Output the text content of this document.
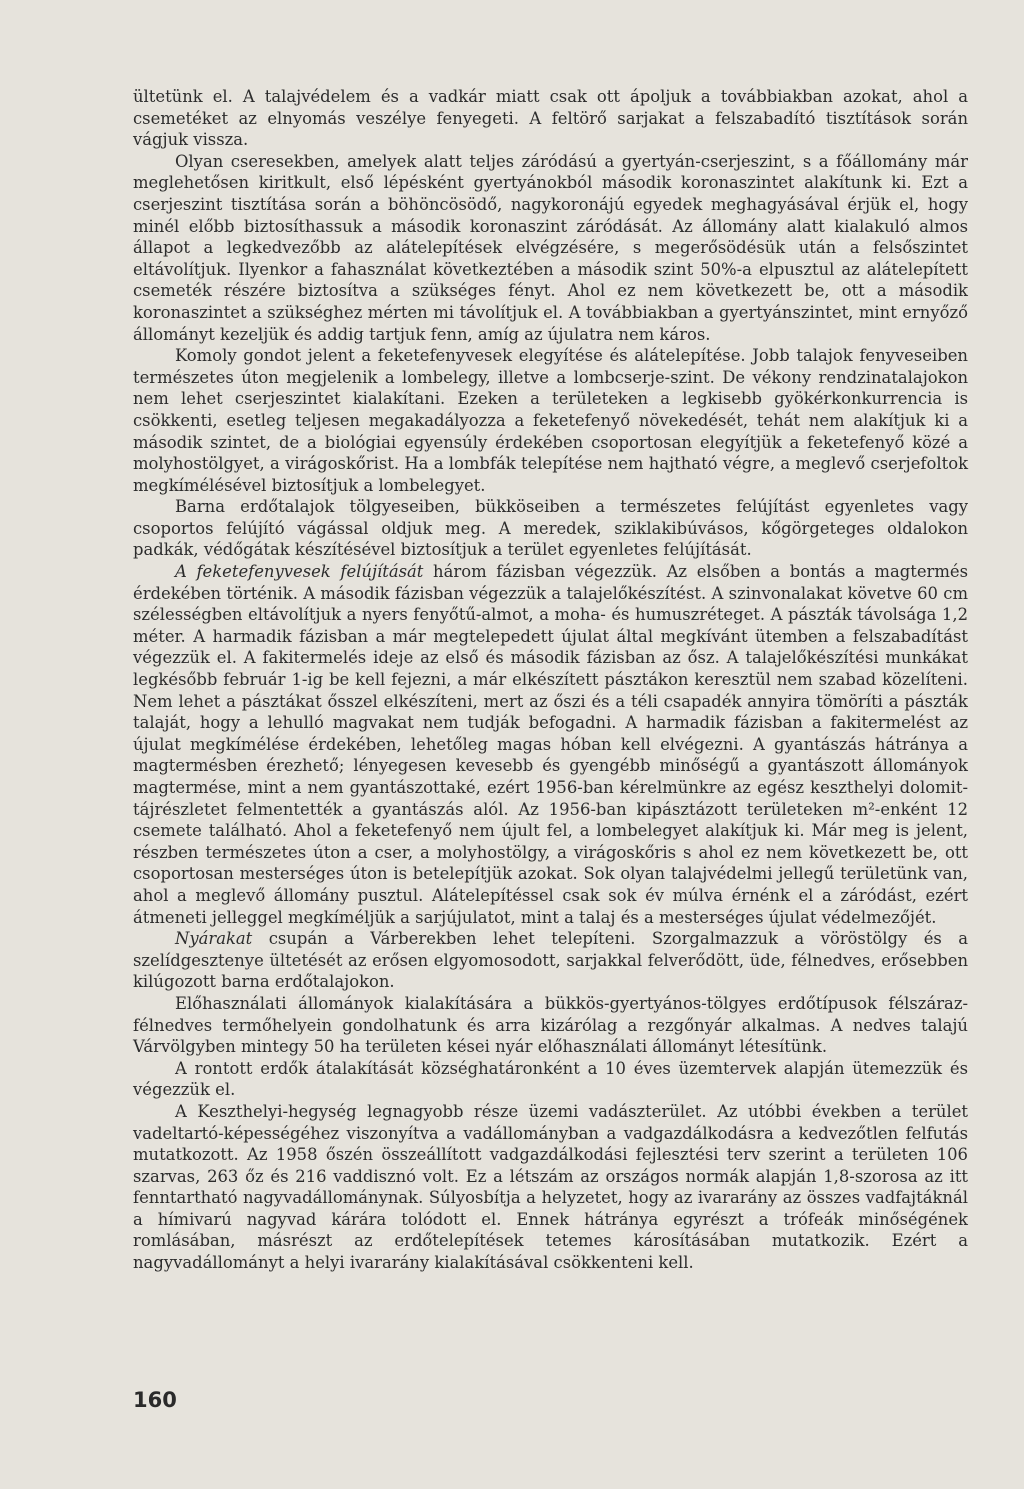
ültetünk el. A talajvédelem és a vadkár miatt csak ott ápoljuk a továbbiakban azokat, ahol a csemetéket az elnyomás veszélye fenyegeti. A feltörő sarjakat a felszabadító tisztítások során vágjuk vissza.

Olyan cseresekben, amelyek alatt teljes záródású a gyertyán-cserjeszint, s a főállomány már meglehetősen kiritkult, első lépésként gyertyánokból második koronaszintet alakítunk ki. Ezt a cserjeszint tisztítása során a böhöncösödő, nagykoronájú egyedek meghagyásával érjük el, hogy minél előbb biztosíthassuk a második koronaszint záródását. Az állomány alatt kialakuló almos állapot a legkedvezőbb az alátelepítések elvégzésére, s megerősödésük után a felsőszintet eltávolítjuk. Ilyenkor a fahasználat következtében a második szint 50%-a elpusztul az alátelepített csemeték részére biztosítva a szükséges fényt. Ahol ez nem következett be, ott a második koronaszintet a szükséghez mérten mi távolítjuk el. A továbbiakban a gyertyánszintet, mint ernyőző állományt kezeljük és addig tartjuk fenn, amíg az újulatra nem káros.

Komoly gondot jelent a feketefenyvesek elegyítése és alátelepítése. Jobb talajok fenyveseiben természetes úton megjelenik a lombelegy, illetve a lombcserje-szint. De vékony rendzinatalajokon nem lehet cserjeszintet kialakítani. Ezeken a területeken a legkisebb gyökérkonkurrencia is csökkenti, esetleg teljesen megakadályozza a feketefenyő növekedését, tehát nem alakítjuk ki a második szintet, de a biológiai egyensúly érdekében csoportosan elegyítjük a feketefenyő közé a molyhostölgyet, a virágoskőrist. Ha a lombfák telepítése nem hajtható végre, a meglevő cserjefoltok megkímélésével biztosítjuk a lombelegyet.

Barna erdőtalajok tölgyeseiben, bükköseiben a természetes felújítást egyenletes vagy csoportos felújító vágással oldjuk meg. A meredek, sziklakibúvásos, kőgörgeteges oldalokon padkák, védőgátak készítésével biztosítjuk a terület egyenletes felújítását.

A feketefenyvesek felújítását három fázisban végezzük. Az elsőben a bontás a magtermés érdekében történik. A második fázisban végezzük a talajelőkészítést. A szinvonalakat követve 60 cm szélességben eltávolítjuk a nyers fenyőtű-almot, a moha- és humuszréteget. A pászták távolsága 1,2 méter. A harmadik fázisban a már megtelepedett újulat által megkívánt ütemben a felszabadítást végezzük el. A fakitermelés ideje az első és második fázisban az ősz. A talajelőkészítési munkákat legkésőbb február 1-ig be kell fejezni, a már elkészített pásztákon keresztül nem szabad közelíteni. Nem lehet a pásztákat ősszel elkészíteni, mert az őszi és a téli csapadék annyira tömöríti a pászták talaját, hogy a lehulló magvakat nem tudják befogadni. A harmadik fázisban a fakitermelést az újulat megkímélése érdekében, lehetőleg magas hóban kell elvégezni. A gyantászás hátránya a magtermésben érezhető; lényegesen kevesebb és gyengébb minőségű a gyantászott állományok magtermése, mint a nem gyantászottaké, ezért 1956-ban kérelmünkre az egész keszthelyi dolomit-tájrészletet felmentették a gyantászás alól. Az 1956-ban kipásztázott területeken m²-enként 12 csemete található. Ahol a feketefenyő nem újult fel, a lombelegyet alakítjuk ki. Már meg is jelent, részben természetes úton a cser, a molyhostölgy, a virágoskőris s ahol ez nem következett be, ott csoportosan mesterséges úton is betelepítjük azokat. Sok olyan talajvédelmi jellegű területünk van, ahol a meglevő állomány pusztul. Alátelepítéssel csak sok év múlva érnénk el a záródást, ezért átmeneti jelleggel megkíméljük a sarjújulatot, mint a talaj és a mesterséges újulat védelmezőjét.

Nyárakat csupán a Várberekben lehet telepíteni. Szorgalmazzuk a vöröstölgy és a szelídgesztenye ültetését az erősen elgyomosodott, sarjakkal felverődött, üde, félnedves, erősebben kilúgozott barna erdőtalajokon.

Előhasználati állományok kialakítására a bükkös-gyertyános-tölgyes erdőtípusok félszáraz-félnedves termőhelyein gondolhatunk és arra kizárólag a rezgőnyár alkalmas. A nedves talajú Várvölgyben mintegy 50 ha területen kései nyár előhasználati állományt létesítünk.

A rontott erdők átalakítását községhatáronként a 10 éves üzemtervek alapján ütemezzük és végezzük el.

A Keszthelyi-hegység legnagyobb része üzemi vadászterület. Az utóbbi években a terület vadeltartó-képességéhez viszonyítva a vadállományban a vadgazdálkodásra a kedvezőtlen felfutás mutatkozott. Az 1958 őszén összeállított vadgazdálkodási fejlesztési terv szerint a területen 106 szarvas, 263 őz és 216 vaddisznó volt. Ez a létszám az országos normák alapján 1,8-szorosa az itt fenntartható nagyvadállománynak. Súlyosbítja a helyzetet, hogy az ivararány az összes vadfajtáknál a hímivarú nagyvad kárára tolódott el. Ennek hátránya egyrészt a trófeák minőségének romlásában, másrészt az erdőtelepítések tetemes károsításában mutatkozik. Ezért a nagyvadállományt a helyi ivararány kialakításával csökkenteni kell.

160
